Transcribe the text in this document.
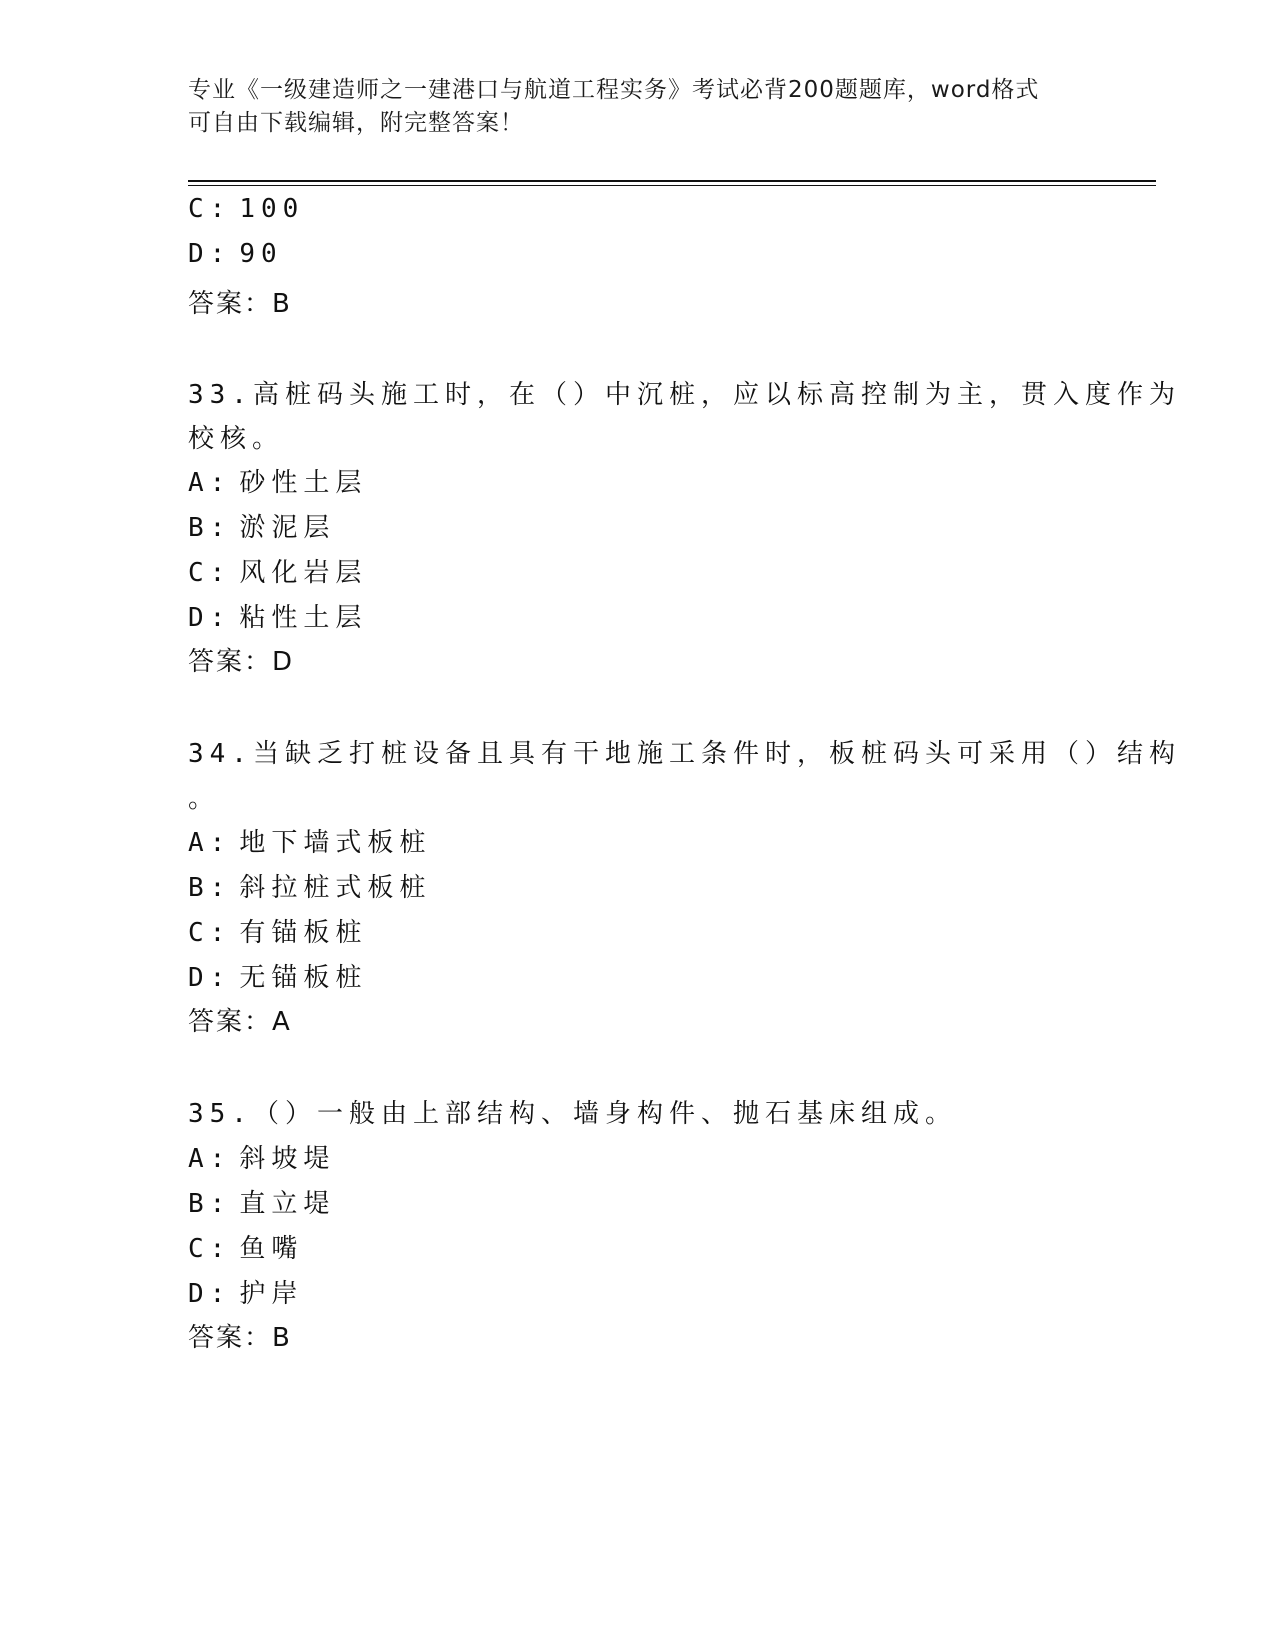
专业《一级建造师之一建港口与航道工程实务》考试必背200题题库，word格式
可自由下载编辑，附完整答案！
C: 100
D: 90
答案：B
33.高桩码头施工时，在（）中沉桩，应以标高控制为主，贯入度作为
校核。
A: 砂性土层
B: 淤泥层
C: 风化岩层
D: 粘性土层
答案：D
34.当缺乏打桩设备且具有干地施工条件时，板桩码头可采用（）结构
。
A: 地下墙式板桩
B: 斜拉桩式板桩
C: 有锚板桩
D: 无锚板桩
答案：A
35.（）一般由上部结构、墙身构件、抛石基床组成。
A: 斜坡堤
B: 直立堤
C: 鱼嘴
D: 护岸
答案：B
